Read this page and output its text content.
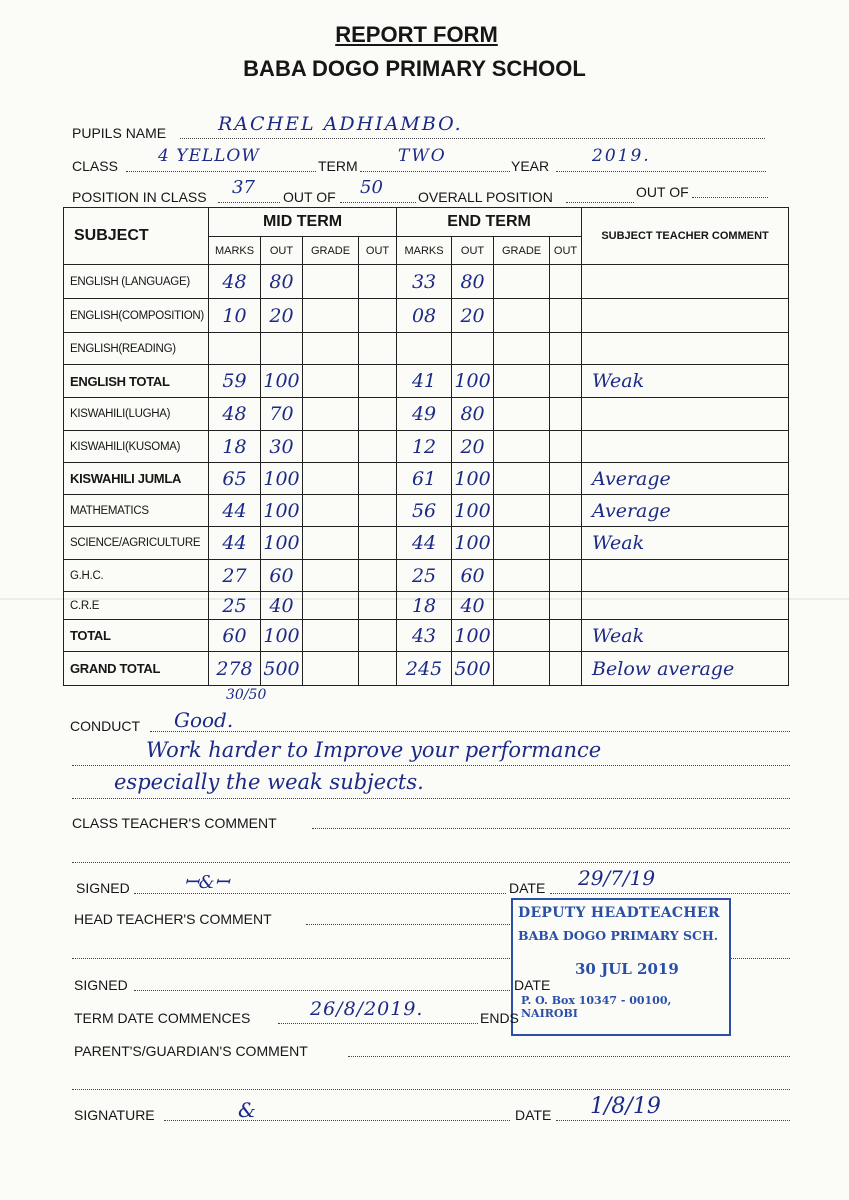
REPORT FORM
BABA DOGO PRIMARY SCHOOL
PUPILS NAME	RACHEL ADHIAMBO.
CLASS 4 YELLOW	TERM TWO	YEAR	2019.
POSITION IN CLASS 37 OUT OF 50	OVERALL POSITION	OUT OF
SUBJECT	MID TERM				END TERM				SUBJECT TEACHER COMMENT
	MARKS	OUT	GRADE	OUT	MARKS	OUT	GRADE	OUT	
ENGLISH (LANGUAGE)	48	80			33	80			
ENGLISH(COMPOSITION)	10	20			08	20			
ENGLISH(READING)									
ENGLISH TOTAL	59	100			41	100			Weak
KISWAHILI(LUGHA)	48	70			49	80			
KISWAHILI(KUSOMA)	18	30			12	20			
KISWAHILI JUMLA	65	100			61	100			Average
MATHEMATICS	44	100			56	100			Average
SCIENCE/AGRICULTURE	44	100			44	100			Weak
G.H.C.	27	60			25	60			
C.R.E	25	40			18	40			
TOTAL	60	100			43	100			Weak
GRAND TOTAL	278	500			245	500			Below average
30/50
CONDUCT Good.
Work harder to Improve your performance
especially the weak subjects.
CLASS TEACHER'S COMMENT
SIGNED	ꟷ&ꟷ	DATE 29/7/19
HEAD TEACHER'S COMMENT
SIGNED	DATE
DEPUTY HEADTEACHER
BABA DOGO PRIMARY SCH.
30 JUL 2019
P. O. Box 10347 - 00100, NAIROBI
TERM DATE COMMENCES	26/8/2019.	ENDS
PARENT'S/GUARDIAN'S COMMENT
SIGNATURE	&	DATE 1/8/19
